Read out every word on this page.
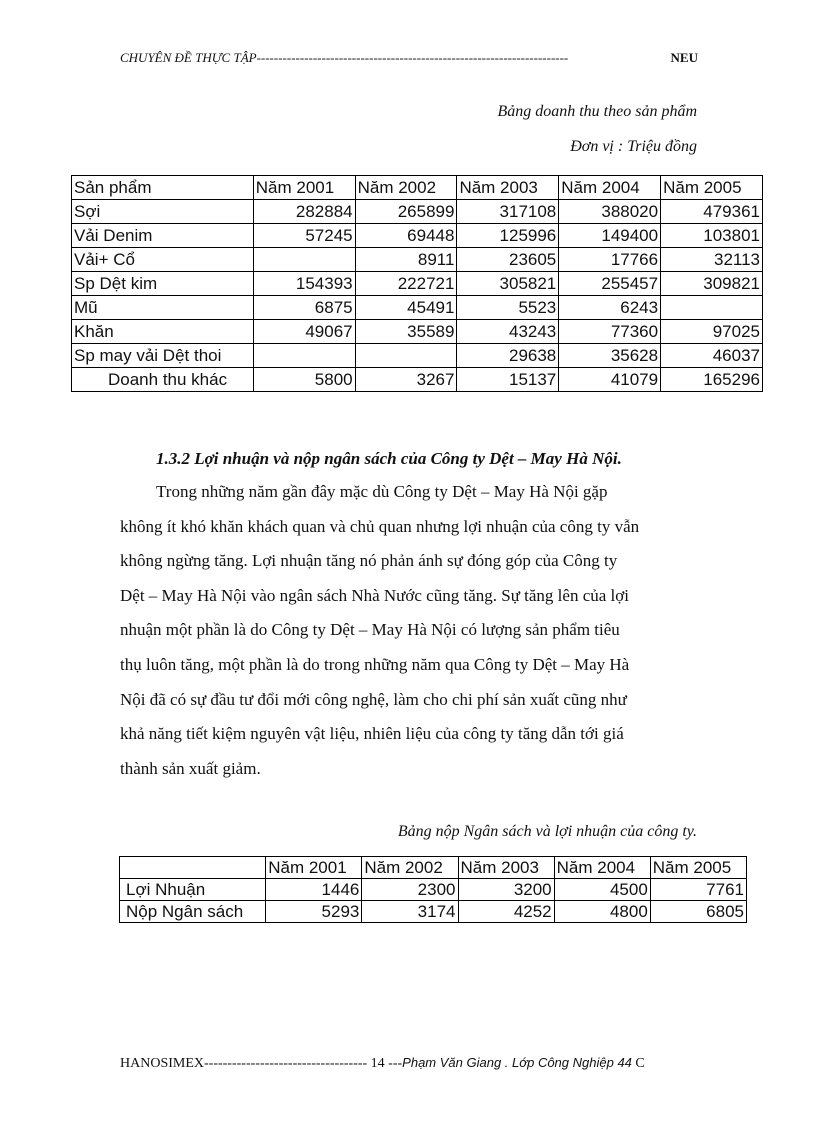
CHUYÊN ĐỀ THỰC TẬP------------------------------------------------------------------------	NEU
Bảng doanh thu theo sản phẩm
Đơn vị : Triệu đồng
Sản phẩm	Năm 2001	Năm 2002	Năm 2003	Năm 2004	Năm 2005
Sợi	282884	265899	317108	388020	479361
Vải Denim	57245	69448	125996	149400	103801
Vải+ Cổ		8911	23605	17766	32113
Sp Dệt kim	154393	222721	305821	255457	309821
Mũ	6875	45491	5523	6243	
Khăn	49067	35589	43243	77360	97025
Sp may vải Dệt thoi			29638	35628	46037
Doanh thu khác	5800	3267	15137	41079	165296
1.3.2 Lợi nhuận và nộp ngân sách của Công ty Dệt – May Hà Nội.
Trong những năm gần đây mặc dù Công ty Dệt – May Hà Nội gặp
không ít khó khăn khách quan và chủ quan nhưng lợi nhuận của công ty vẫn
không ngừng tăng. Lợi nhuận tăng nó phản ánh sự đóng góp của Công ty
Dệt – May Hà Nội vào ngân sách Nhà Nước cũng tăng. Sự tăng lên của lợi
nhuận một phần là do Công ty Dệt – May Hà Nội có lượng sản phẩm tiêu
thụ luôn tăng, một phần là do trong những năm qua Công ty Dệt – May Hà
Nội đã có sự đầu tư đổi mới công nghệ, làm cho chi phí sản xuất cũng như
khả năng tiết kiệm nguyên vật liệu, nhiên liệu của công ty tăng dẫn tới giá
thành sản xuất giảm.
Bảng nộp Ngân sách và lợi nhuận của công ty.
	Năm 2001	Năm 2002	Năm 2003	Năm 2004	Năm 2005
Lợi Nhuận	1446	2300	3200	4500	7761
Nộp Ngân sách	5293	3174	4252	4800	6805
HANOSIMEX----------------------------------- 14 ---Phạm Văn Giang . Lớp Công Nghiệp 44 C
